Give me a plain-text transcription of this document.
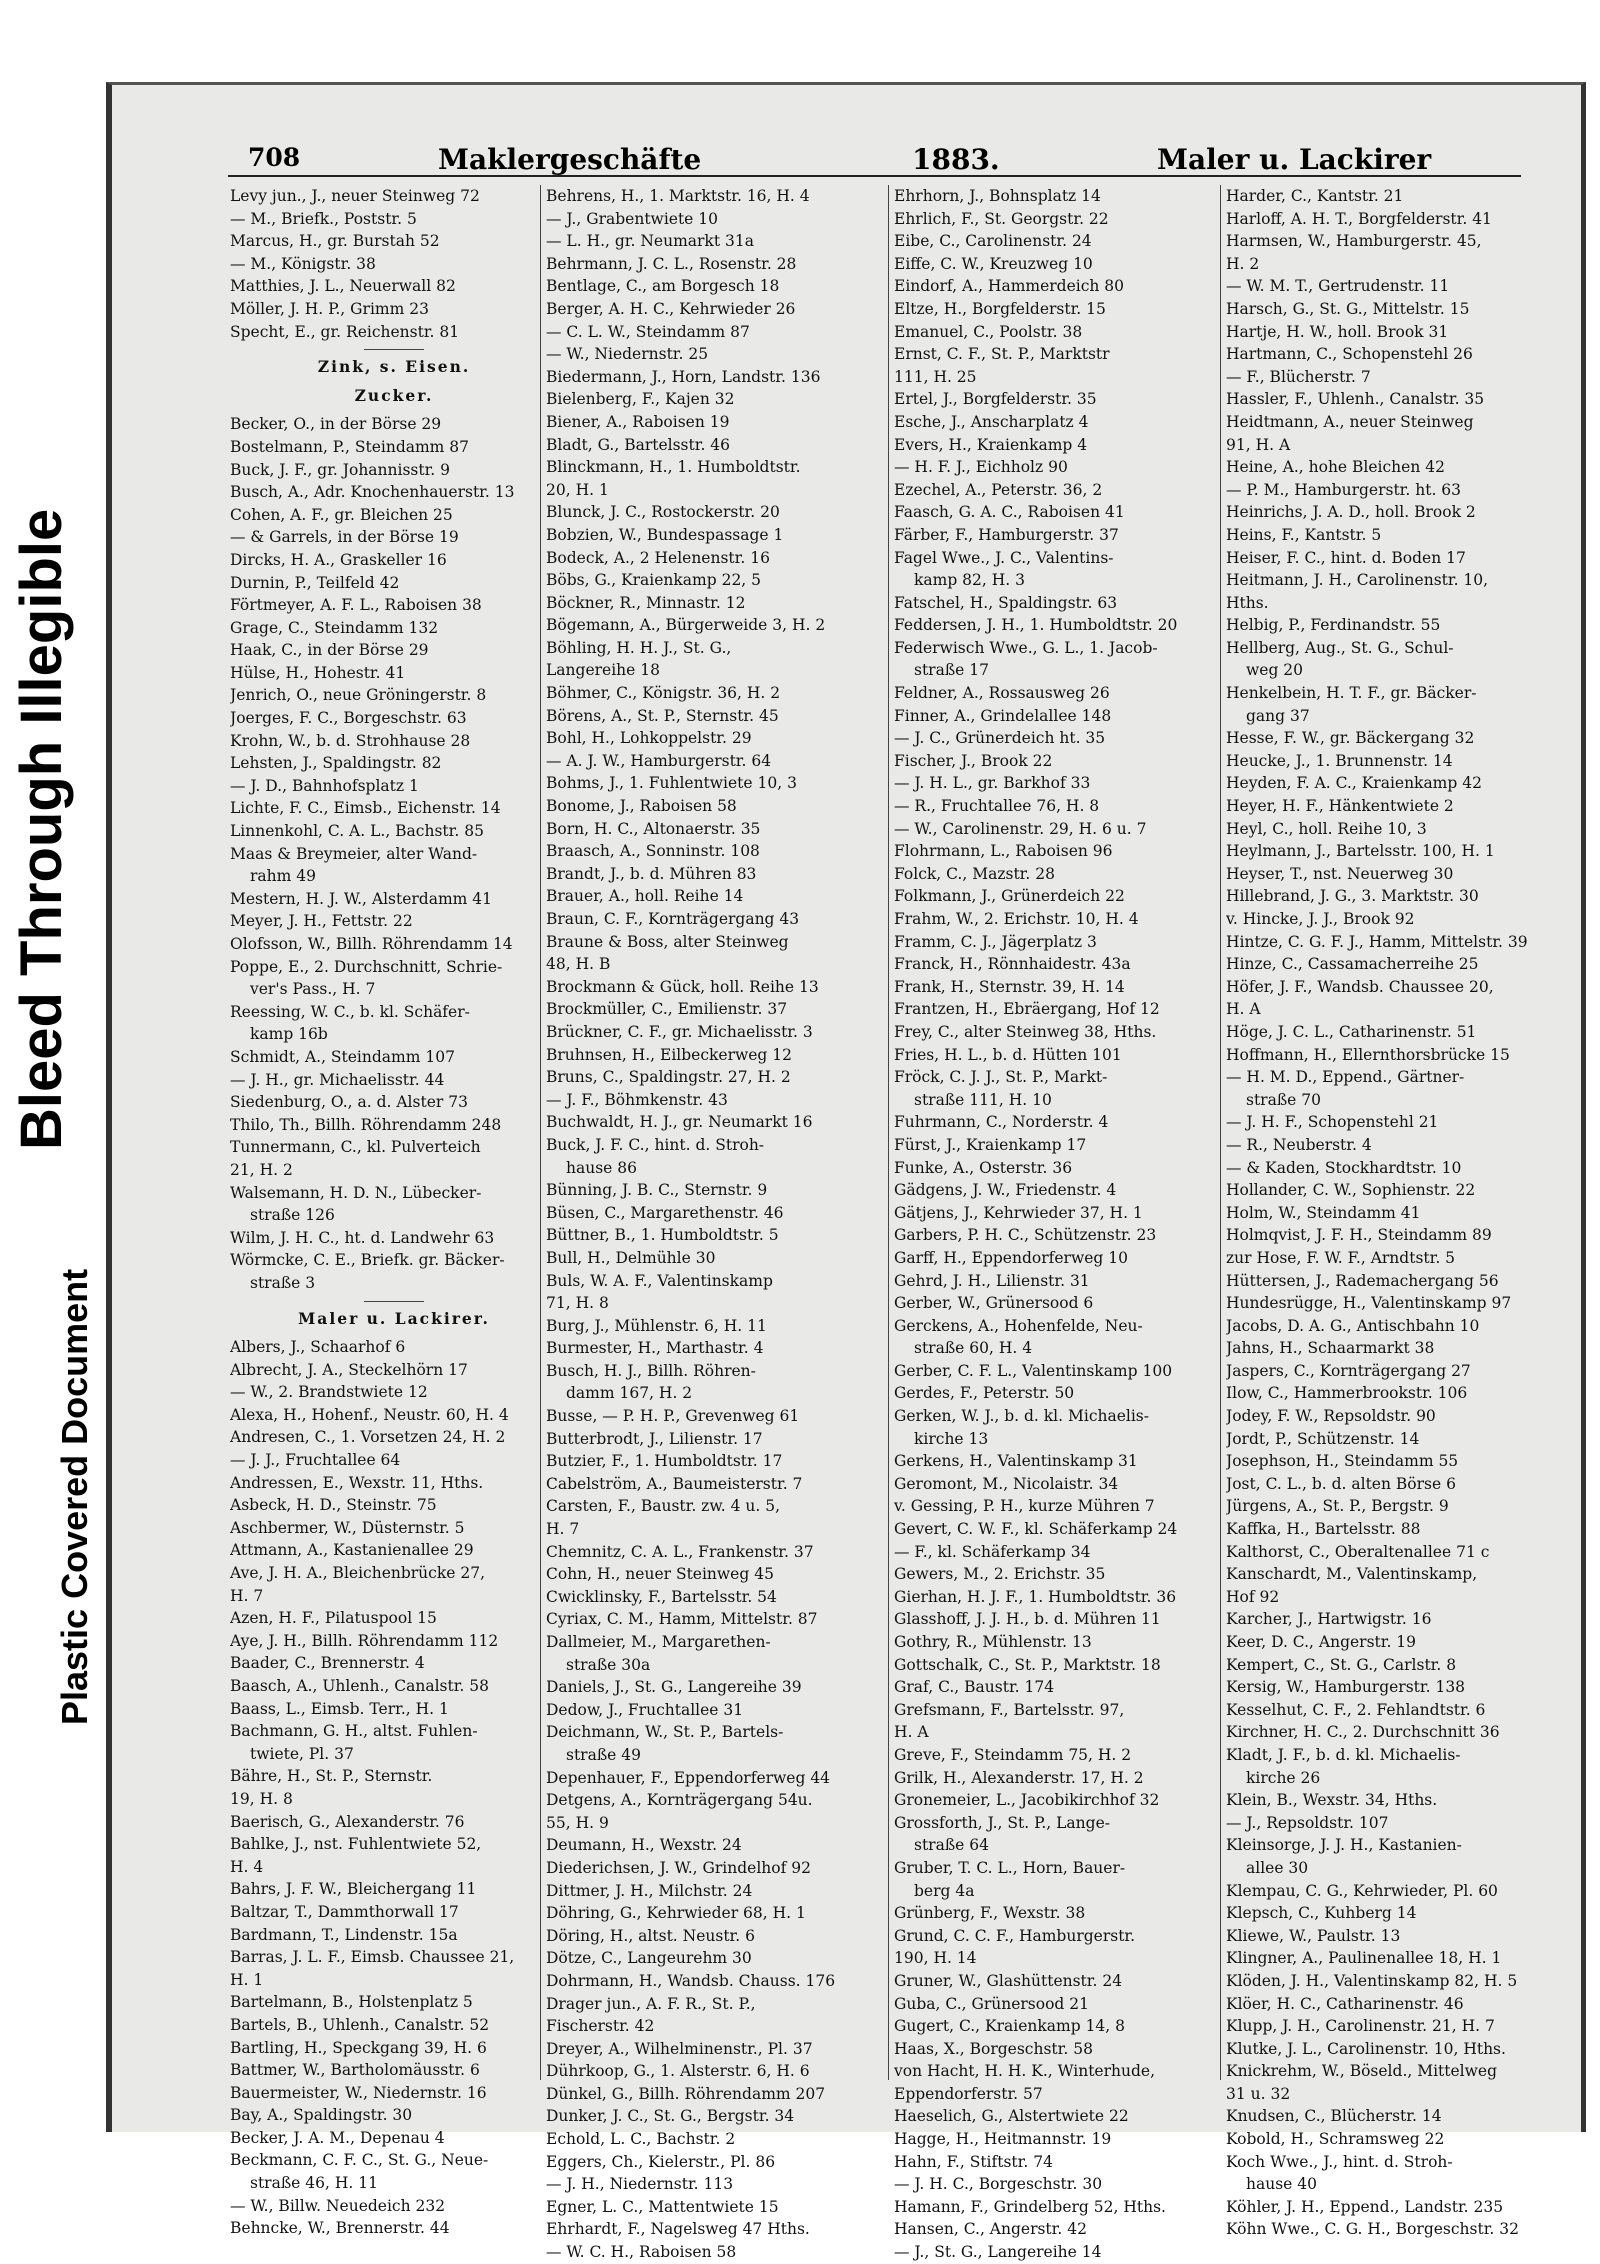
Bleed Through Illegible
Plastic Covered Document
708	Maklergeschäfte	1883.	Maler u. Lackirer
Levy jun., J., neuer Steinweg 72
— M., Briefk., Poststr. 5
Marcus, H., gr. Burstah 52
— M., Königstr. 38
Matthies, J. L., Neuerwall 82
Möller, J. H. P., Grimm 23
Specht, E., gr. Reichenstr. 81
Zink, s. Eisen.
Zucker.
Becker, O., in der Börse 29
Bostelmann, P., Steindamm 87
Buck, J. F., gr. Johannisstr. 9
Busch, A., Adr. Knochenhauerstr. 13
Cohen, A. F., gr. Bleichen 25
— & Garrels, in der Börse 19
Dircks, H. A., Graskeller 16
Durnin, P., Teilfeld 42
Förtmeyer, A. F. L., Raboisen 38
Grage, C., Steindamm 132
Haak, C., in der Börse 29
Hülse, H., Hohestr. 41
Jenrich, O., neue Gröningerstr. 8
Joerges, F. C., Borgeschstr. 63
Krohn, W., b. d. Strohhause 28
Lehsten, J., Spaldingstr. 82
— J. D., Bahnhofsplatz 1
Lichte, F. C., Eimsb., Eichenstr. 14
Linnenkohl, C. A. L., Bachstr. 85
Maas & Breymeier, alter Wand-
rahm 49
Mestern, H. J. W., Alsterdamm 41
Meyer, J. H., Fettstr. 22
Olofsson, W., Billh. Röhrendamm 14
Poppe, E., 2. Durchschnitt, Schrie-
ver's Pass., H. 7
Reessing, W. C., b. kl. Schäfer-
kamp 16b
Schmidt, A., Steindamm 107
— J. H., gr. Michaelisstr. 44
Siedenburg, O., a. d. Alster 73
Thilo, Th., Billh. Röhrendamm 248
Tunnermann, C., kl. Pulverteich
21, H. 2
Walsemann, H. D. N., Lübecker-
straße 126
Wilm, J. H. C., ht. d. Landwehr 63
Wörmcke, C. E., Briefk. gr. Bäcker-
straße 3
Maler u. Lackirer.
Albers, J., Schaarhof 6
Albrecht, J. A., Steckelhörn 17
— W., 2. Brandstwiete 12
Alexa, H., Hohenf., Neustr. 60, H. 4
Andresen, C., 1. Vorsetzen 24, H. 2
— J. J., Fruchtallee 64
Andressen, E., Wexstr. 11, Hths.
Asbeck, H. D., Steinstr. 75
Aschbermer, W., Düsternstr. 5
Attmann, A., Kastanienallee 29
Ave, J. H. A., Bleichenbrücke 27,
H. 7
Azen, H. F., Pilatuspool 15
Aye, J. H., Billh. Röhrendamm 112
Baader, C., Brennerstr. 4
Baasch, A., Uhlenh., Canalstr. 58
Baass, L., Eimsb. Terr., H. 1
Bachmann, G. H., altst. Fuhlen-
twiete, Pl. 37
Bähre, H., St. P., Sternstr.
19, H. 8
Baerisch, G., Alexanderstr. 76
Bahlke, J., nst. Fuhlentwiete 52,
H. 4
Bahrs, J. F. W., Bleichergang 11
Baltzar, T., Dammthorwall 17
Bardmann, T., Lindenstr. 15a
Barras, J. L. F., Eimsb. Chaussee 21,
H. 1
Bartelmann, B., Holstenplatz 5
Bartels, B., Uhlenh., Canalstr. 52
Bartling, H., Speckgang 39, H. 6
Battmer, W., Bartholomäusstr. 6
Bauermeister, W., Niedernstr. 16
Bay, A., Spaldingstr. 30
Becker, J. A. M., Depenau 4
Beckmann, C. F. C., St. G., Neue-
straße 46, H. 11
— W., Billw. Neuedeich 232
Behncke, W., Brennerstr. 44
Behrens, H., 1. Marktstr. 16, H. 4
— J., Grabentwiete 10
— L. H., gr. Neumarkt 31a
Behrmann, J. C. L., Rosenstr. 28
Bentlage, C., am Borgesch 18
Berger, A. H. C., Kehrwieder 26
— C. L. W., Steindamm 87
— W., Niedernstr. 25
Biedermann, J., Horn, Landstr. 136
Bielenberg, F., Kajen 32
Biener, A., Raboisen 19
Bladt, G., Bartelsstr. 46
Blinckmann, H., 1. Humboldtstr.
20, H. 1
Blunck, J. C., Rostockerstr. 20
Bobzien, W., Bundespassage 1
Bodeck, A., 2 Helenenstr. 16
Böbs, G., Kraienkamp 22, 5
Böckner, R., Minnastr. 12
Bögemann, A., Bürgerweide 3, H. 2
Böhling, H. H. J., St. G.,
Langereihe 18
Böhmer, C., Königstr. 36, H. 2
Börens, A., St. P., Sternstr. 45
Bohl, H., Lohkoppelstr. 29
— A. J. W., Hamburgerstr. 64
Bohms, J., 1. Fuhlentwiete 10, 3
Bonome, J., Raboisen 58
Born, H. C., Altonaerstr. 35
Braasch, A., Sonninstr. 108
Brandt, J., b. d. Mühren 83
Brauer, A., holl. Reihe 14
Braun, C. F., Kornträgergang 43
Braune & Boss, alter Steinweg
48, H. B
Brockmann & Gück, holl. Reihe 13
Brockmüller, C., Emilienstr. 37
Brückner, C. F., gr. Michaelisstr. 3
Bruhnsen, H., Eilbeckerweg 12
Bruns, C., Spaldingstr. 27, H. 2
— J. F., Böhmkenstr. 43
Buchwaldt, H. J., gr. Neumarkt 16
Buck, J. F. C., hint. d. Stroh-
hause 86
Bünning, J. B. C., Sternstr. 9
Büsen, C., Margarethenstr. 46
Büttner, B., 1. Humboldtstr. 5
Bull, H., Delmühle 30
Buls, W. A. F., Valentinskamp
71, H. 8
Burg, J., Mühlenstr. 6, H. 11
Burmester, H., Marthastr. 4
Busch, H. J., Billh. Röhren-
damm 167, H. 2
Busse, — P. H. P., Grevenweg 61
Butterbrodt, J., Lilienstr. 17
Butzier, F., 1. Humboldtstr. 17
Cabelström, A., Baumeisterstr. 7
Carsten, F., Baustr. zw. 4 u. 5,
H. 7
Chemnitz, C. A. L., Frankenstr. 37
Cohn, H., neuer Steinweg 45
Cwicklinsky, F., Bartelsstr. 54
Cyriax, C. M., Hamm, Mittelstr. 87
Dallmeier, M., Margarethen-
straße 30a
Daniels, J., St. G., Langereihe 39
Dedow, J., Fruchtallee 31
Deichmann, W., St. P., Bartels-
straße 49
Depenhauer, F., Eppendorferweg 44
Detgens, A., Kornträgergang 54u.
55, H. 9
Deumann, H., Wexstr. 24
Diederichsen, J. W., Grindelhof 92
Dittmer, J. H., Milchstr. 24
Döhring, G., Kehrwieder 68, H. 1
Döring, H., altst. Neustr. 6
Dötze, C., Langeurehm 30
Dohrmann, H., Wandsb. Chauss. 176
Drager jun., A. F. R., St. P.,
Fischerstr. 42
Dreyer, A., Wilhelminenstr., Pl. 37
Dührkoop, G., 1. Alsterstr. 6, H. 6
Dünkel, G., Billh. Röhrendamm 207
Dunker, J. C., St. G., Bergstr. 34
Echold, L. C., Bachstr. 2
Eggers, Ch., Kielerstr., Pl. 86
— J. H., Niedernstr. 113
Egner, L. C., Mattentwiete 15
Ehrhardt, F., Nagelsweg 47 Hths.
— W. C. H., Raboisen 58
Ehrhorn, J., Bohnsplatz 14
Ehrlich, F., St. Georgstr. 22
Eibe, C., Carolinenstr. 24
Eiffe, C. W., Kreuzweg 10
Eindorf, A., Hammerdeich 80
Eltze, H., Borgfelderstr. 15
Emanuel, C., Poolstr. 38
Ernst, C. F., St. P., Marktstr
111, H. 25
Ertel, J., Borgfelderstr. 35
Esche, J., Anscharplatz 4
Evers, H., Kraienkamp 4
— H. F. J., Eichholz 90
Ezechel, A., Peterstr. 36, 2
Faasch, G. A. C., Raboisen 41
Färber, F., Hamburgerstr. 37
Fagel Wwe., J. C., Valentins-
kamp 82, H. 3
Fatschel, H., Spaldingstr. 63
Feddersen, J. H., 1. Humboldtstr. 20
Federwisch Wwe., G. L., 1. Jacob-
straße 17
Feldner, A., Rossausweg 26
Finner, A., Grindelallee 148
— J. C., Grünerdeich ht. 35
Fischer, J., Brook 22
— J. H. L., gr. Barkhof 33
— R., Fruchtallee 76, H. 8
— W., Carolinenstr. 29, H. 6 u. 7
Flohrmann, L., Raboisen 96
Folck, C., Mazstr. 28
Folkmann, J., Grünerdeich 22
Frahm, W., 2. Erichstr. 10, H. 4
Framm, C. J., Jägerplatz 3
Franck, H., Rönnhaidestr. 43a
Frank, H., Sternstr. 39, H. 14
Frantzen, H., Ebräergang, Hof 12
Frey, C., alter Steinweg 38, Hths.
Fries, H. L., b. d. Hütten 101
Fröck, C. J. J., St. P., Markt-
straße 111, H. 10
Fuhrmann, C., Norderstr. 4
Fürst, J., Kraienkamp 17
Funke, A., Osterstr. 36
Gädgens, J. W., Friedenstr. 4
Gätjens, J., Kehrwieder 37, H. 1
Garbers, P. H. C., Schützenstr. 23
Garff, H., Eppendorferweg 10
Gehrd, J. H., Lilienstr. 31
Gerber, W., Grünersood 6
Gerckens, A., Hohenfelde, Neu-
straße 60, H. 4
Gerber, C. F. L., Valentinskamp 100
Gerdes, F., Peterstr. 50
Gerken, W. J., b. d. kl. Michaelis-
kirche 13
Gerkens, H., Valentinskamp 31
Geromont, M., Nicolaistr. 34
v. Gessing, P. H., kurze Mühren 7
Gevert, C. W. F., kl. Schäferkamp 24
— F., kl. Schäferkamp 34
Gewers, M., 2. Erichstr. 35
Gierhan, H. J. F., 1. Humboldtstr. 36
Glasshoff, J. J. H., b. d. Mühren 11
Gothry, R., Mühlenstr. 13
Gottschalk, C., St. P., Marktstr. 18
Graf, C., Baustr. 174
Grefsmann, F., Bartelsstr. 97,
H. A
Greve, F., Steindamm 75, H. 2
Grilk, H., Alexanderstr. 17, H. 2
Gronemeier, L., Jacobikirchhof 32
Grossforth, J., St. P., Lange-
straße 64
Gruber, T. C. L., Horn, Bauer-
berg 4a
Grünberg, F., Wexstr. 38
Grund, C. C. F., Hamburgerstr.
190, H. 14
Gruner, W., Glashüttenstr. 24
Guba, C., Grünersood 21
Gugert, C., Kraienkamp 14, 8
Haas, X., Borgeschstr. 58
von Hacht, H. H. K., Winterhude,
Eppendorferstr. 57
Haeselich, G., Alstertwiete 22
Hagge, H., Heitmannstr. 19
Hahn, F., Stiftstr. 74
— J. H. C., Borgeschstr. 30
Hamann, F., Grindelberg 52, Hths.
Hansen, C., Angerstr. 42
— J., St. G., Langereihe 14
Harder, C., Kantstr. 21
Harloff, A. H. T., Borgfelderstr. 41
Harmsen, W., Hamburgerstr. 45,
H. 2
— W. M. T., Gertrudenstr. 11
Harsch, G., St. G., Mittelstr. 15
Hartje, H. W., holl. Brook 31
Hartmann, C., Schopenstehl 26
— F., Blücherstr. 7
Hassler, F., Uhlenh., Canalstr. 35
Heidtmann, A., neuer Steinweg
91, H. A
Heine, A., hohe Bleichen 42
— P. M., Hamburgerstr. ht. 63
Heinrichs, J. A. D., holl. Brook 2
Heins, F., Kantstr. 5
Heiser, F. C., hint. d. Boden 17
Heitmann, J. H., Carolinenstr. 10,
Hths.
Helbig, P., Ferdinandstr. 55
Hellberg, Aug., St. G., Schul-
weg 20
Henkelbein, H. T. F., gr. Bäcker-
gang 37
Hesse, F. W., gr. Bäckergang 32
Heucke, J., 1. Brunnenstr. 14
Heyden, F. A. C., Kraienkamp 42
Heyer, H. F., Hänkentwiete 2
Heyl, C., holl. Reihe 10, 3
Heylmann, J., Bartelsstr. 100, H. 1
Heyser, T., nst. Neuerweg 30
Hillebrand, J. G., 3. Marktstr. 30
v. Hincke, J. J., Brook 92
Hintze, C. G. F. J., Hamm, Mittelstr. 39
Hinze, C., Cassamacherreihe 25
Höfer, J. F., Wandsb. Chaussee 20,
H. A
Höge, J. C. L., Catharinenstr. 51
Hoffmann, H., Ellernthorsbrücke 15
— H. M. D., Eppend., Gärtner-
straße 70
— J. H. F., Schopenstehl 21
— R., Neuberstr. 4
— & Kaden, Stockhardtstr. 10
Hollander, C. W., Sophienstr. 22
Holm, W., Steindamm 41
Holmqvist, J. F. H., Steindamm 89
zur Hose, F. W. F., Arndtstr. 5
Hüttersen, J., Rademachergang 56
Hundesrügge, H., Valentinskamp 97
Jacobs, D. A. G., Antischbahn 10
Jahns, H., Schaarmarkt 38
Jaspers, C., Kornträgergang 27
Ilow, C., Hammerbrookstr. 106
Jodey, F. W., Repsoldstr. 90
Jordt, P., Schützenstr. 14
Josephson, H., Steindamm 55
Jost, C. L., b. d. alten Börse 6
Jürgens, A., St. P., Bergstr. 9
Kaffka, H., Bartelsstr. 88
Kalthorst, C., Oberaltenallee 71 c
Kanschardt, M., Valentinskamp,
Hof 92
Karcher, J., Hartwigstr. 16
Keer, D. C., Angerstr. 19
Kempert, C., St. G., Carlstr. 8
Kersig, W., Hamburgerstr. 138
Kesselhut, C. F., 2. Fehlandtstr. 6
Kirchner, H. C., 2. Durchschnitt 36
Kladt, J. F., b. d. kl. Michaelis-
kirche 26
Klein, B., Wexstr. 34, Hths.
— J., Repsoldstr. 107
Kleinsorge, J. J. H., Kastanien-
allee 30
Klempau, C. G., Kehrwieder, Pl. 60
Klepsch, C., Kuhberg 14
Kliewe, W., Paulstr. 13
Klingner, A., Paulinenallee 18, H. 1
Klöden, J. H., Valentinskamp 82, H. 5
Klöer, H. C., Catharinenstr. 46
Klupp, J. H., Carolinenstr. 21, H. 7
Klutke, J. L., Carolinenstr. 10, Hths.
Knickrehm, W., Böseld., Mittelweg
31 u. 32
Knudsen, C., Blücherstr. 14
Kobold, H., Schramsweg 22
Koch Wwe., J., hint. d. Stroh-
hause 40
Köhler, J. H., Eppend., Landstr. 235
Köhn Wwe., C. G. H., Borgeschstr. 32
